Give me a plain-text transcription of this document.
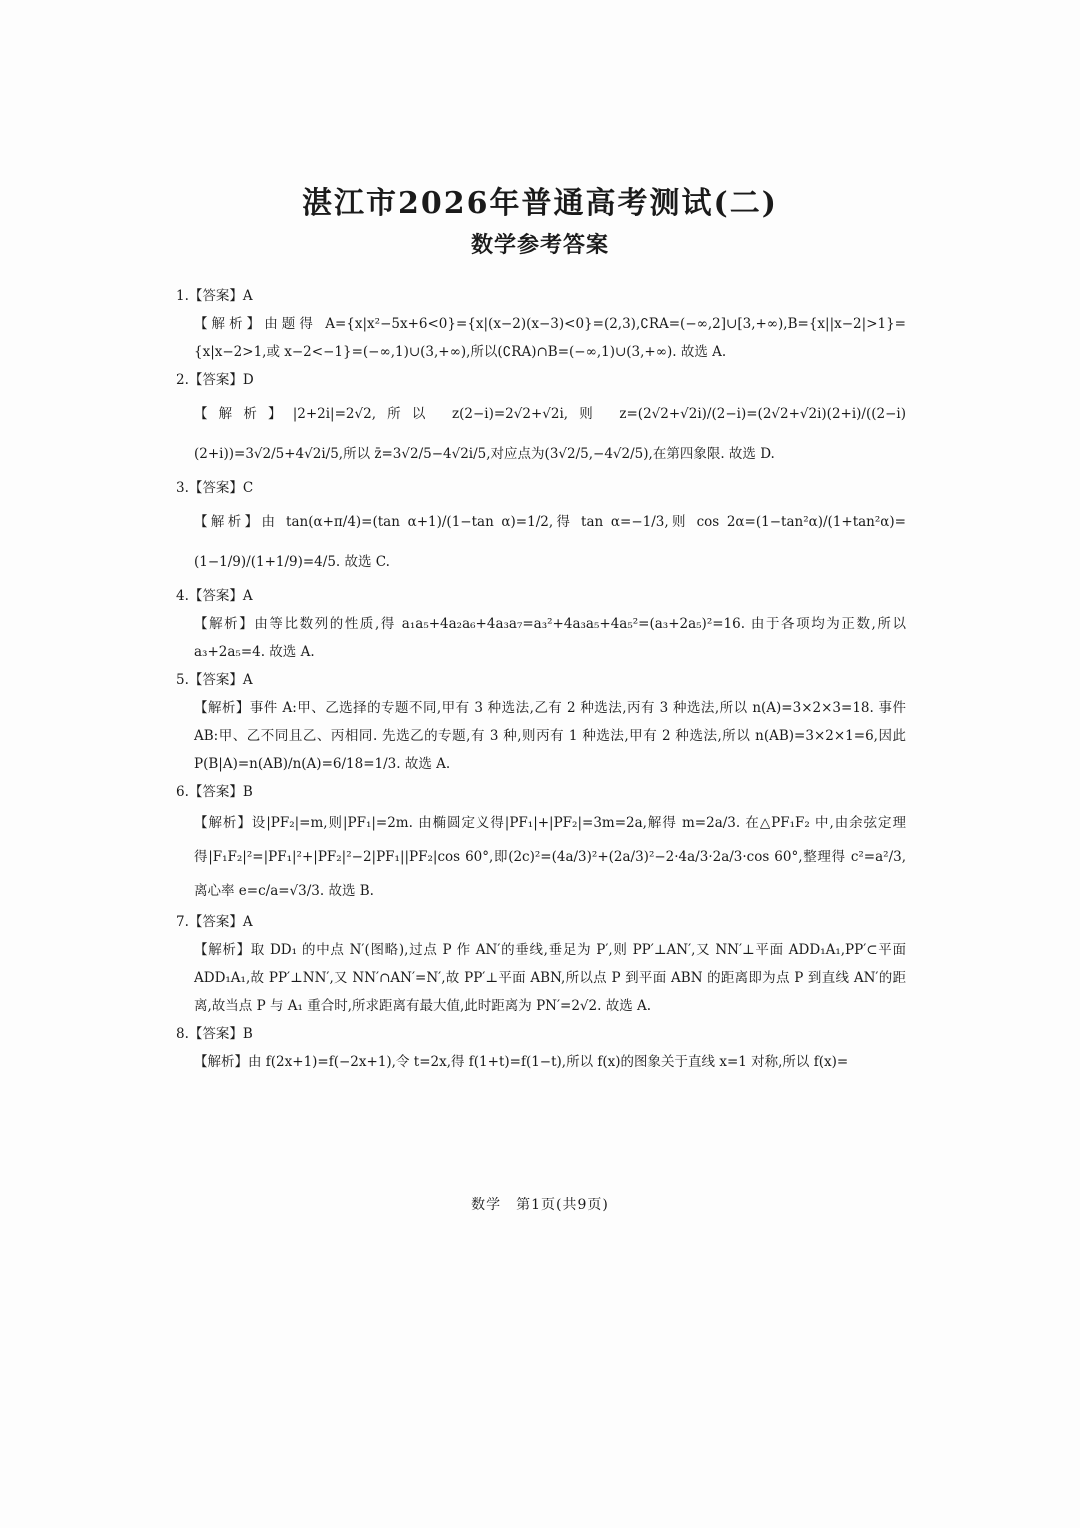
湛江市2026年普通高考测试(二)
数学参考答案
1.【答案】A
【解析】由题得 A={x|x²−5x+6<0}={x|(x−2)(x−3)<0}=(2,3),∁RA=(−∞,2]∪[3,+∞),B={x||x−2|>1}={x|x−2>1,或 x−2<−1}=(−∞,1)∪(3,+∞),所以(∁RA)∩B=(−∞,1)∪(3,+∞). 故选 A.
2.【答案】D
【解析】|2+2i|=2√2,所以 z(2−i)=2√2+√2i,则 z=(2√2+√2i)/(2−i)=(2√2+√2i)(2+i)/((2−i)(2+i))=3√2/5+4√2i/5,所以 z̄=3√2/5−4√2i/5,对应点为(3√2/5,−4√2/5),在第四象限. 故选 D.
3.【答案】C
【解析】由 tan(α+π/4)=(tan α+1)/(1−tan α)=1/2,得 tan α=−1/3,则 cos 2α=(1−tan²α)/(1+tan²α)=(1−1/9)/(1+1/9)=4/5. 故选 C.
4.【答案】A
【解析】由等比数列的性质,得 a₁a₅+4a₂a₆+4a₃a₇=a₃²+4a₃a₅+4a₅²=(a₃+2a₅)²=16. 由于各项均为正数,所以 a₃+2a₅=4. 故选 A.
5.【答案】A
【解析】事件 A:甲、乙选择的专题不同,甲有 3 种选法,乙有 2 种选法,丙有 3 种选法,所以 n(A)=3×2×3=18. 事件 AB:甲、乙不同且乙、丙相同. 先选乙的专题,有 3 种,则丙有 1 种选法,甲有 2 种选法,所以 n(AB)=3×2×1=6,因此 P(B|A)=n(AB)/n(A)=6/18=1/3. 故选 A.
6.【答案】B
【解析】设|PF₂|=m,则|PF₁|=2m. 由椭圆定义得|PF₁|+|PF₂|=3m=2a,解得 m=2a/3. 在△PF₁F₂ 中,由余弦定理得|F₁F₂|²=|PF₁|²+|PF₂|²−2|PF₁||PF₂|cos 60°,即(2c)²=(4a/3)²+(2a/3)²−2·4a/3·2a/3·cos 60°,整理得 c²=a²/3,离心率 e=c/a=√3/3. 故选 B.
7.【答案】A
【解析】取 DD₁ 的中点 N′(图略),过点 P 作 AN′的垂线,垂足为 P′,则 PP′⊥AN′,又 NN′⊥平面 ADD₁A₁,PP′⊂平面 ADD₁A₁,故 PP′⊥NN′,又 NN′∩AN′=N′,故 PP′⊥平面 ABN,所以点 P 到平面 ABN 的距离即为点 P 到直线 AN′的距离,故当点 P 与 A₁ 重合时,所求距离有最大值,此时距离为 PN′=2√2. 故选 A.
8.【答案】B
【解析】由 f(2x+1)=f(−2x+1),令 t=2x,得 f(1+t)=f(1−t),所以 f(x)的图象关于直线 x=1 对称,所以 f(x)=
数学　第1页(共9页)
